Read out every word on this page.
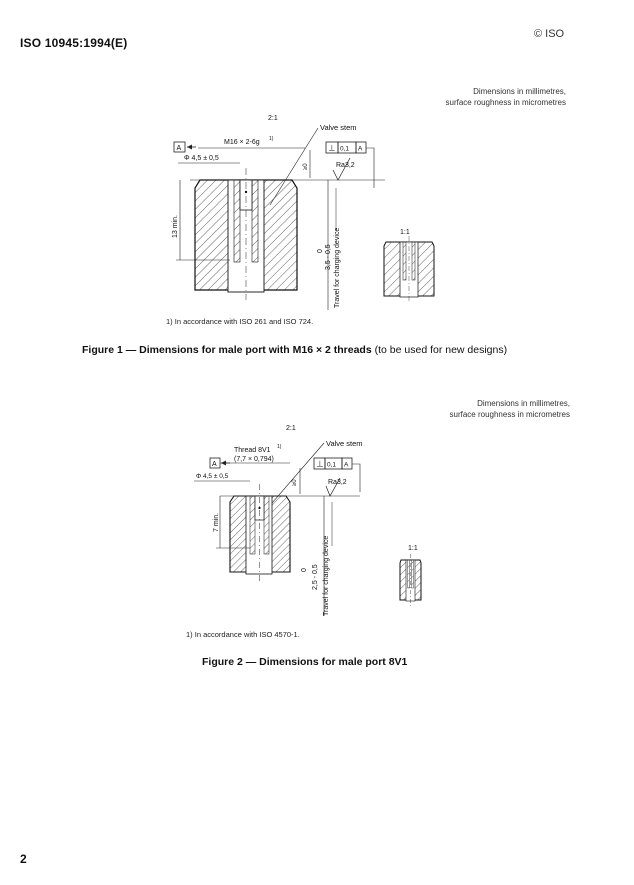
ISO 10945:1994(E)
© ISO
Dimensions in millimetres,
surface roughness in micrometres
2:1
Valve stem
A
M16 × 2-6g 1)
Φ 4,5 ± 0,5
≥0
⊥ 0,1 A
Ra3,2
13 min.
0 3,5 - 0,5 Travel for charging device	1:1
1) In accordance with ISO 261 and ISO 724.
Figure 1 — Dimensions for male port with M16 × 2 threads (to be used for new designs)
Dimensions in millimetres,
surface roughness in micrometres
2:1
Valve stem
Thread 8V1 1)
(7,7 × 0,794)
A
Φ 4,5 ± 0,5
≥0
⊥ 0,1 A
Ra3,2
7 min.
0 2,5 - 0,5 Travel for charging device	1:1
1) In accordance with ISO 4570-1.
Figure 2 — Dimensions for male port 8V1
2
